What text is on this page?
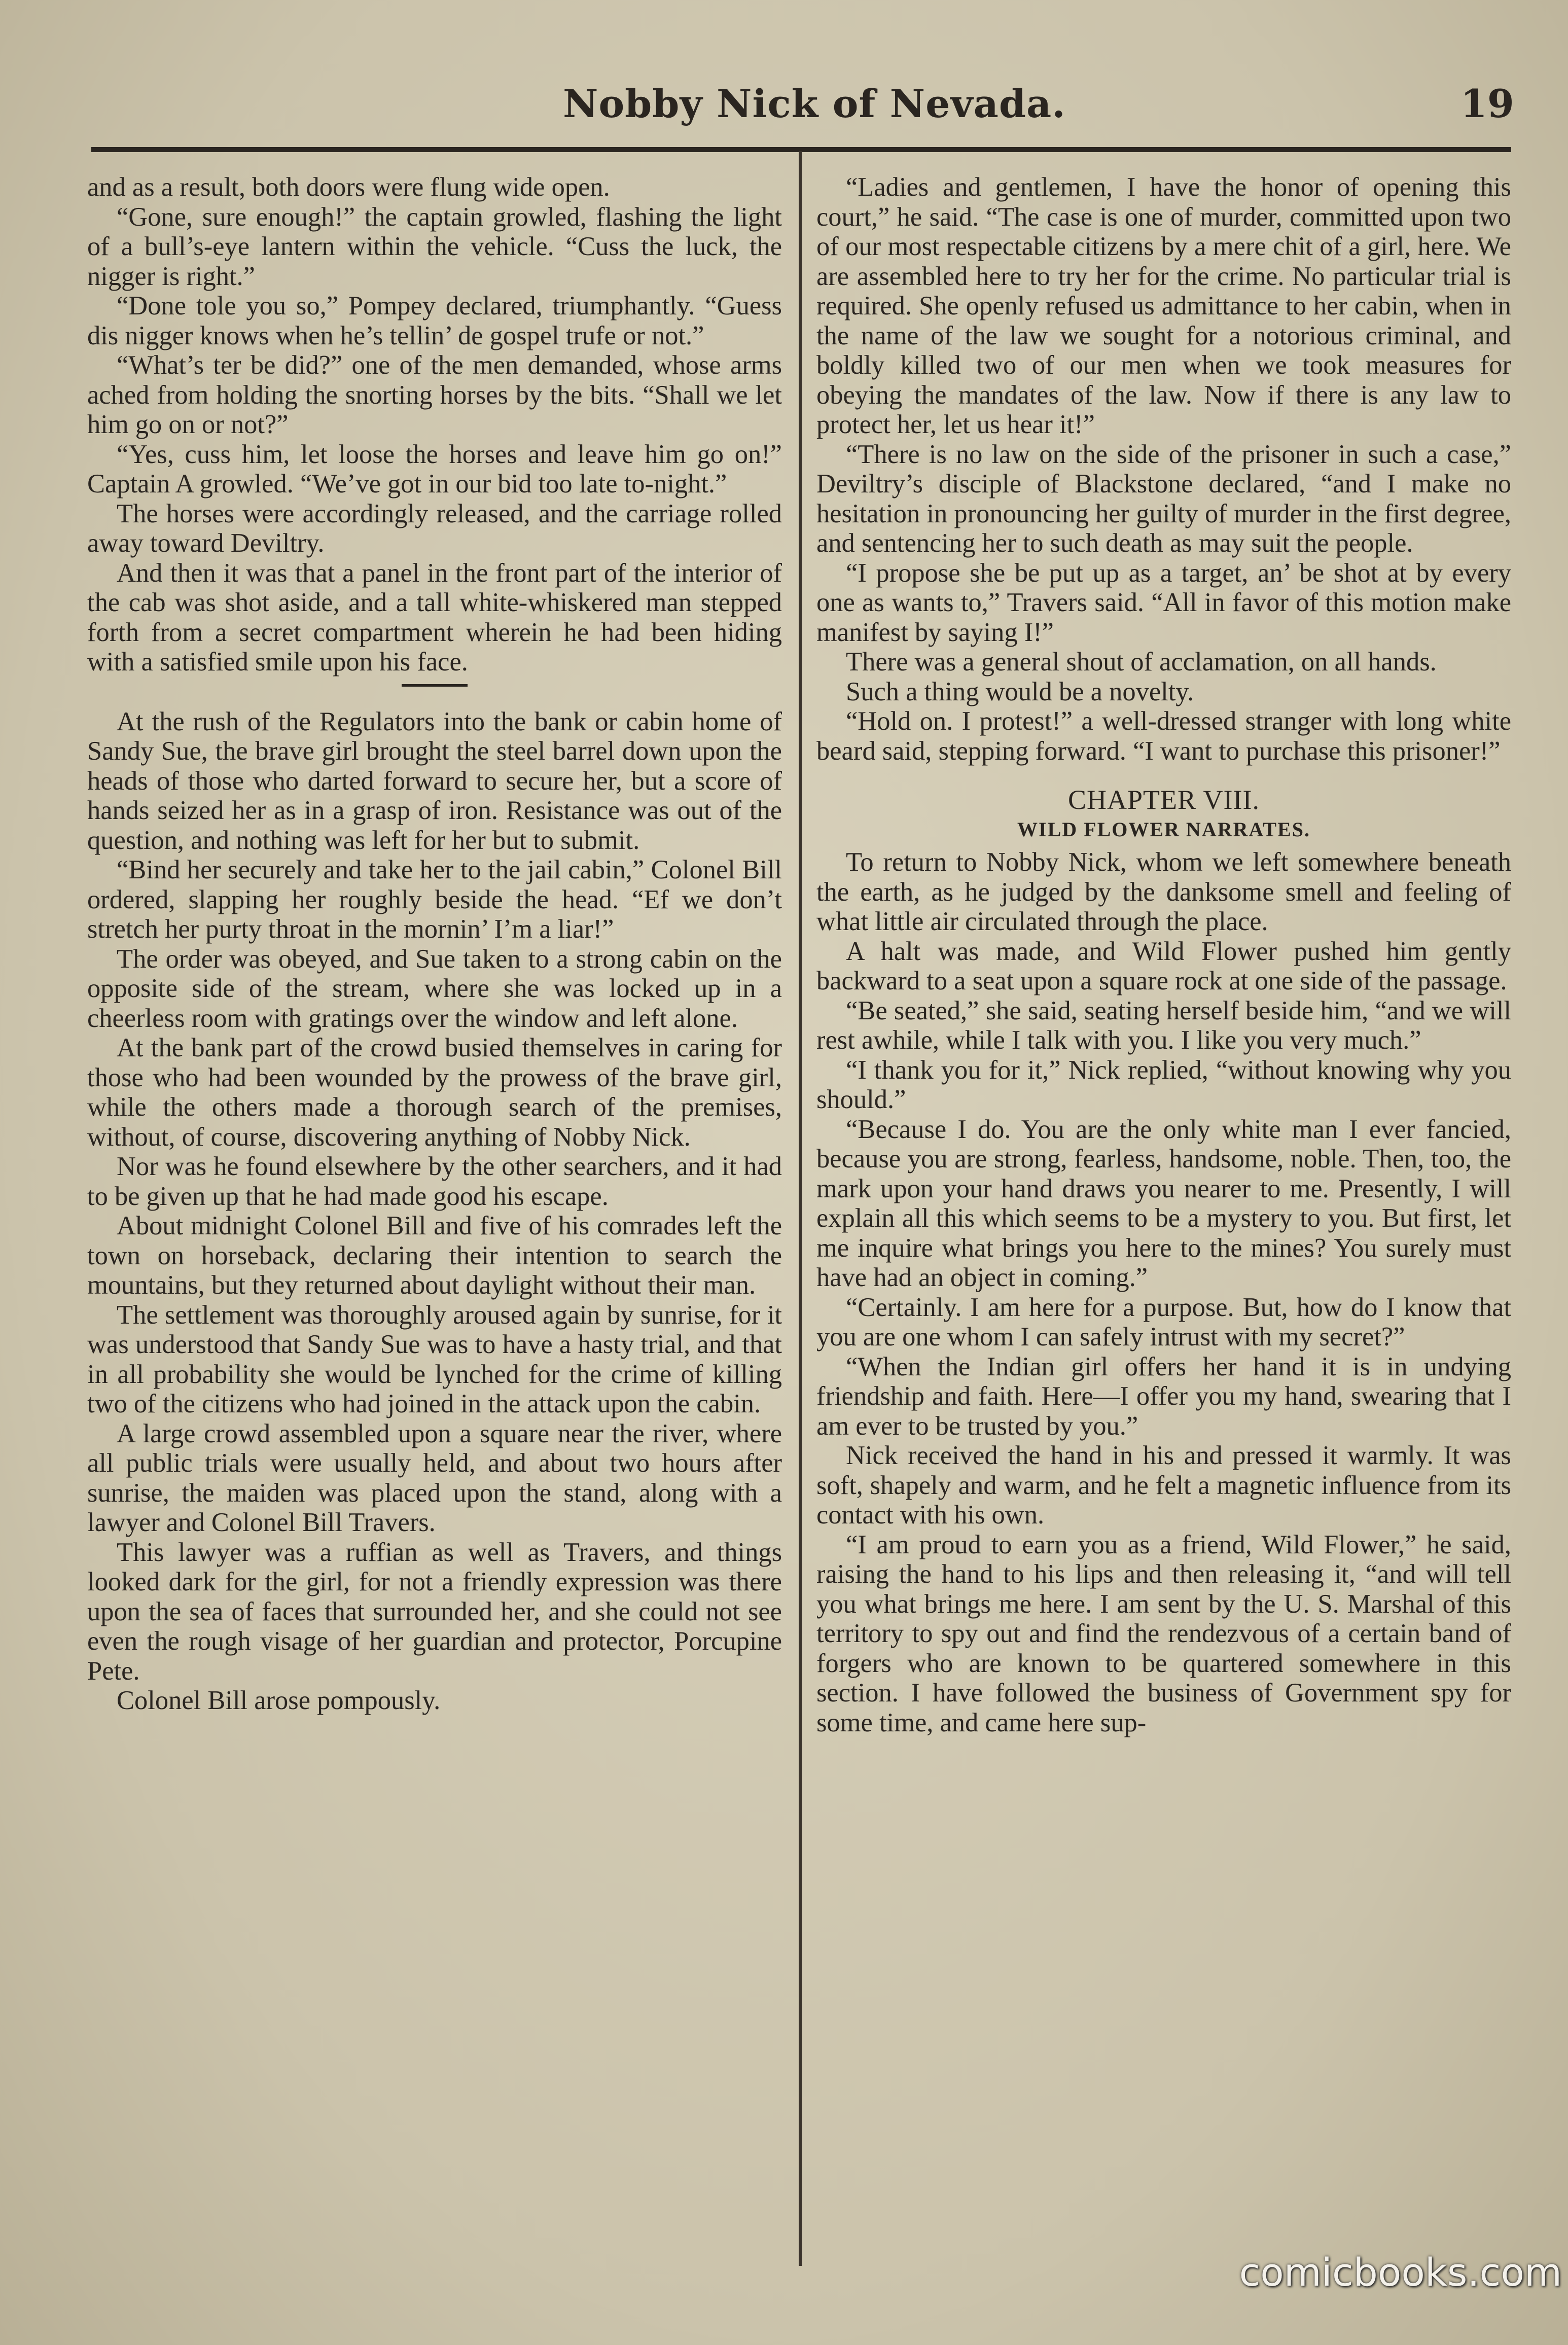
Nobby Nick of Nevada.	19

and as a result, both doors were flung wide open.

“Gone, sure enough!” the captain growled, flashing the light of a bull’s-eye lantern within the vehicle. “Cuss the luck, the nigger is right.”

“Done tole you so,” Pompey declared, triumphantly. “Guess dis nigger knows when he’s tellin’ de gospel trufe or not.”

“What’s ter be did?” one of the men demanded, whose arms ached from holding the snorting horses by the bits. “Shall we let him go on or not?”

“Yes, cuss him, let loose the horses and leave him go on!” Captain A growled. “We’ve got in our bid too late to-night.”

The horses were accordingly released, and the carriage rolled away toward Deviltry.

And then it was that a panel in the front part of the interior of the cab was shot aside, and a tall white-whiskered man stepped forth from a secret compartment wherein he had been hiding with a satisfied smile upon his face.

At the rush of the Regulators into the bank or cabin home of Sandy Sue, the brave girl brought the steel barrel down upon the heads of those who darted forward to secure her, but a score of hands seized her as in a grasp of iron. Resistance was out of the question, and nothing was left for her but to submit.

“Bind her securely and take her to the jail cabin,” Colonel Bill ordered, slapping her roughly beside the head. “Ef we don’t stretch her purty throat in the mornin’ I’m a liar!”

The order was obeyed, and Sue taken to a strong cabin on the opposite side of the stream, where she was locked up in a cheerless room with gratings over the window and left alone.

At the bank part of the crowd busied themselves in caring for those who had been wounded by the prowess of the brave girl, while the others made a thorough search of the premises, without, of course, discovering anything of Nobby Nick.

Nor was he found elsewhere by the other searchers, and it had to be given up that he had made good his escape.

About midnight Colonel Bill and five of his comrades left the town on horseback, declaring their intention to search the mountains, but they returned about daylight without their man.

The settlement was thoroughly aroused again by sunrise, for it was understood that Sandy Sue was to have a hasty trial, and that in all probability she would be lynched for the crime of killing two of the citizens who had joined in the attack upon the cabin.

A large crowd assembled upon a square near the river, where all public trials were usually held, and about two hours after sunrise, the maiden was placed upon the stand, along with a lawyer and Colonel Bill Travers.

This lawyer was a ruffian as well as Travers, and things looked dark for the girl, for not a friendly expression was there upon the sea of faces that surrounded her, and she could not see even the rough visage of her guardian and protector, Porcupine Pete.

Colonel Bill arose pompously.

“Ladies and gentlemen, I have the honor of opening this court,” he said. “The case is one of murder, committed upon two of our most respectable citizens by a mere chit of a girl, here. We are assembled here to try her for the crime. No particular trial is required. She openly refused us admittance to her cabin, when in the name of the law we sought for a notorious criminal, and boldly killed two of our men when we took measures for obeying the mandates of the law. Now if there is any law to protect her, let us hear it!”

“There is no law on the side of the prisoner in such a case,” Deviltry’s disciple of Blackstone declared, “and I make no hesitation in pronouncing her guilty of murder in the first degree, and sentencing her to such death as may suit the people.

“I propose she be put up as a target, an’ be shot at by every one as wants to,” Travers said. “All in favor of this motion make manifest by saying I!”

There was a general shout of acclamation, on all hands.

Such a thing would be a novelty.

“Hold on. I protest!” a well-dressed stranger with long white beard said, stepping forward. “I want to purchase this prisoner!”

CHAPTER VIII.
WILD FLOWER NARRATES.

To return to Nobby Nick, whom we left somewhere beneath the earth, as he judged by the danksome smell and feeling of what little air circulated through the place.

A halt was made, and Wild Flower pushed him gently backward to a seat upon a square rock at one side of the passage.

“Be seated,” she said, seating herself beside him, “and we will rest awhile, while I talk with you. I like you very much.”

“I thank you for it,” Nick replied, “without knowing why you should.”

“Because I do. You are the only white man I ever fancied, because you are strong, fearless, handsome, noble. Then, too, the mark upon your hand draws you nearer to me. Presently, I will explain all this which seems to be a mystery to you. But first, let me inquire what brings you here to the mines? You surely must have had an object in coming.”

“Certainly. I am here for a purpose. But, how do I know that you are one whom I can safely intrust with my secret?”

“When the Indian girl offers her hand it is in undying friendship and faith. Here—I offer you my hand, swearing that I am ever to be trusted by you.”

Nick received the hand in his and pressed it warmly. It was soft, shapely and warm, and he felt a magnetic influence from its contact with his own.

“I am proud to earn you as a friend, Wild Flower,” he said, raising the hand to his lips and then releasing it, “and will tell you what brings me here. I am sent by the U. S. Marshal of this territory to spy out and find the rendezvous of a certain band of forgers who are known to be quartered somewhere in this section. I have followed the business of Government spy for some time, and came here sup-

comicbooks.com
